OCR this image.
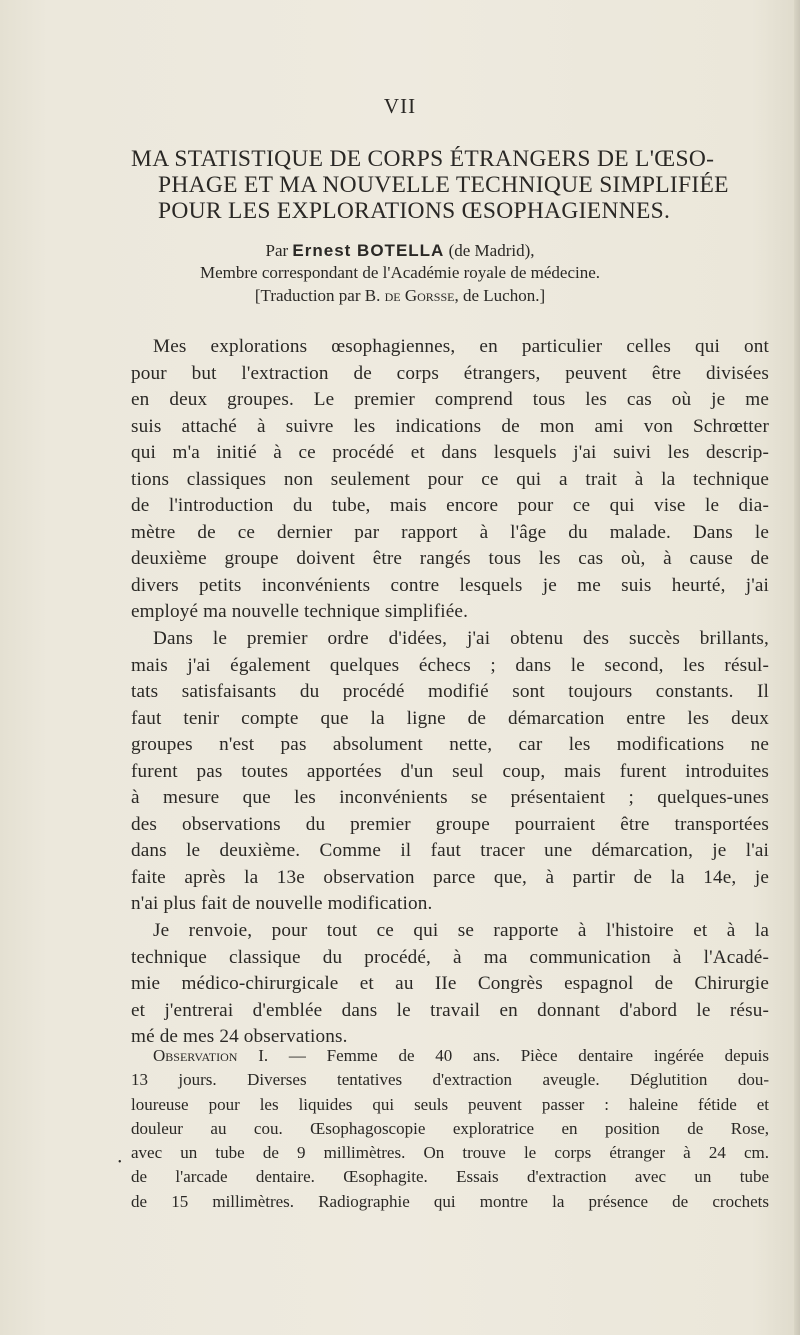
VII
MA STATISTIQUE DE CORPS ÉTRANGERS DE L'ŒSO-
PHAGE ET MA NOUVELLE TECHNIQUE SIMPLIFIÉE
POUR LES EXPLORATIONS ŒSOPHAGIENNES.
Par Ernest BOTELLA (de Madrid),
Membre correspondant de l'Académie royale de médecine.
[Traduction par B. de Gorsse, de Luchon.]

Mes explorations œsophagiennes, en particulier celles qui ont
pour but l'extraction de corps étrangers, peuvent être divisées
en deux groupes. Le premier comprend tous les cas où je me
suis attaché à suivre les indications de mon ami von Schrœtter
qui m'a initié à ce procédé et dans lesquels j'ai suivi les descrip-
tions classiques non seulement pour ce qui a trait à la technique
de l'introduction du tube, mais encore pour ce qui vise le dia-
mètre de ce dernier par rapport à l'âge du malade. Dans le
deuxième groupe doivent être rangés tous les cas où, à cause de
divers petits inconvénients contre lesquels je me suis heurté, j'ai
employé ma nouvelle technique simplifiée.

Dans le premier ordre d'idées, j'ai obtenu des succès brillants,
mais j'ai également quelques échecs ; dans le second, les résul-
tats satisfaisants du procédé modifié sont toujours constants. Il
faut tenir compte que la ligne de démarcation entre les deux
groupes n'est pas absolument nette, car les modifications ne
furent pas toutes apportées d'un seul coup, mais furent introduites
à mesure que les inconvénients se présentaient ; quelques-unes
des observations du premier groupe pourraient être transportées
dans le deuxième. Comme il faut tracer une démarcation, je l'ai
faite après la 13e observation parce que, à partir de la 14e, je
n'ai plus fait de nouvelle modification.

Je renvoie, pour tout ce qui se rapporte à l'histoire et à la
technique classique du procédé, à ma communication à l'Acadé-
mie médico-chirurgicale et au IIe Congrès espagnol de Chirurgie
et j'entrerai d'emblée dans le travail en donnant d'abord le résu-
mé de mes 24 observations.

•
Observation I. — Femme de 40 ans. Pièce dentaire ingérée depuis
13 jours. Diverses tentatives d'extraction aveugle. Déglutition dou-
loureuse pour les liquides qui seuls peuvent passer : haleine fétide et
douleur au cou. Œsophagoscopie exploratrice en position de Rose,
avec un tube de 9 millimètres. On trouve le corps étranger à 24 cm.
de l'arcade dentaire. Œsophagite. Essais d'extraction avec un tube
de 15 millimètres. Radiographie qui montre la présence de crochets
